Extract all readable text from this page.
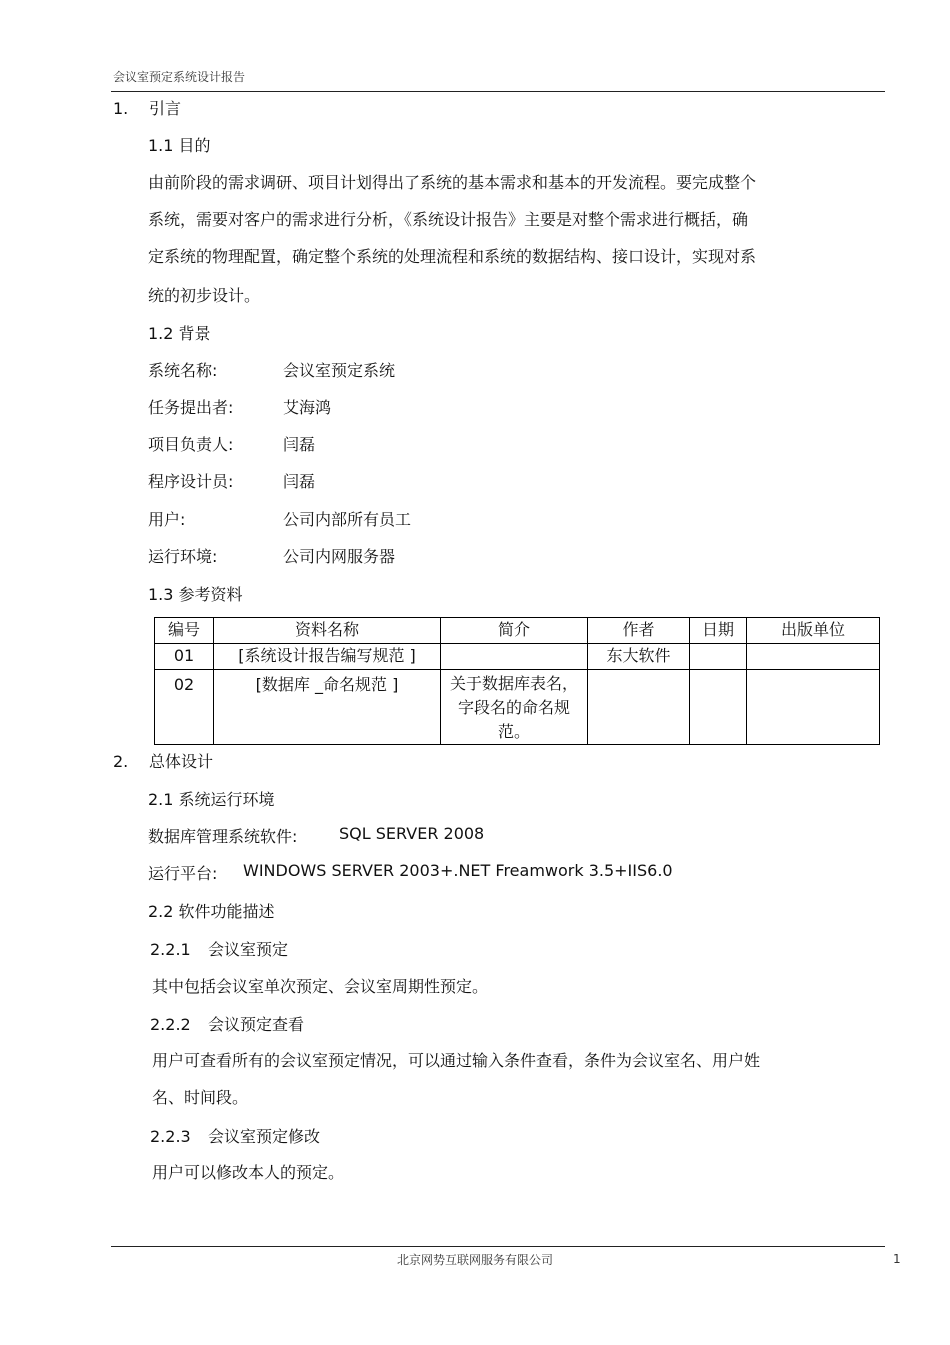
会议室预定系统设计报告
1. 引言
1.1 目的
由前阶段的需求调研、项目计划得出了系统的基本需求和基本的开发流程。要完成整个
系统，需要对客户的需求进行分析，《系统设计报告》主要是对整个需求进行概括，确
定系统的物理配置，确定整个系统的处理流程和系统的数据结构、接口设计，实现对系
统的初步设计。
1.2 背景
系统名称:	会议室预定系统
任务提出者:	艾海鸿
项目负责人:	闫磊
程序设计员:	闫磊
用户:	公司内部所有员工
运行环境:	公司内网服务器
1.3 参考资料
编号	资料名称	简介	作者	日期	出版单位
01	[系统设计报告编写规范 ]		东大软件		
02	[数据库 _命名规范 ]	关于数据库表名，字段名的命名规范。			
2. 总体设计
2.1 系统运行环境
数据库管理系统软件:	SQL SERVER 2008
运行平台: WINDOWS SERVER 2003+.NET Freamwork 3.5+IIS6.0
2.2 软件功能描述
2.2.1 会议室预定
其中包括会议室单次预定、会议室周期性预定。
2.2.2 会议预定查看
用户可查看所有的会议室预定情况，可以通过输入条件查看，条件为会议室名、用户姓
名、时间段。
2.2.3 会议室预定修改
用户可以修改本人的预定。
北京网势互联网服务有限公司	1
